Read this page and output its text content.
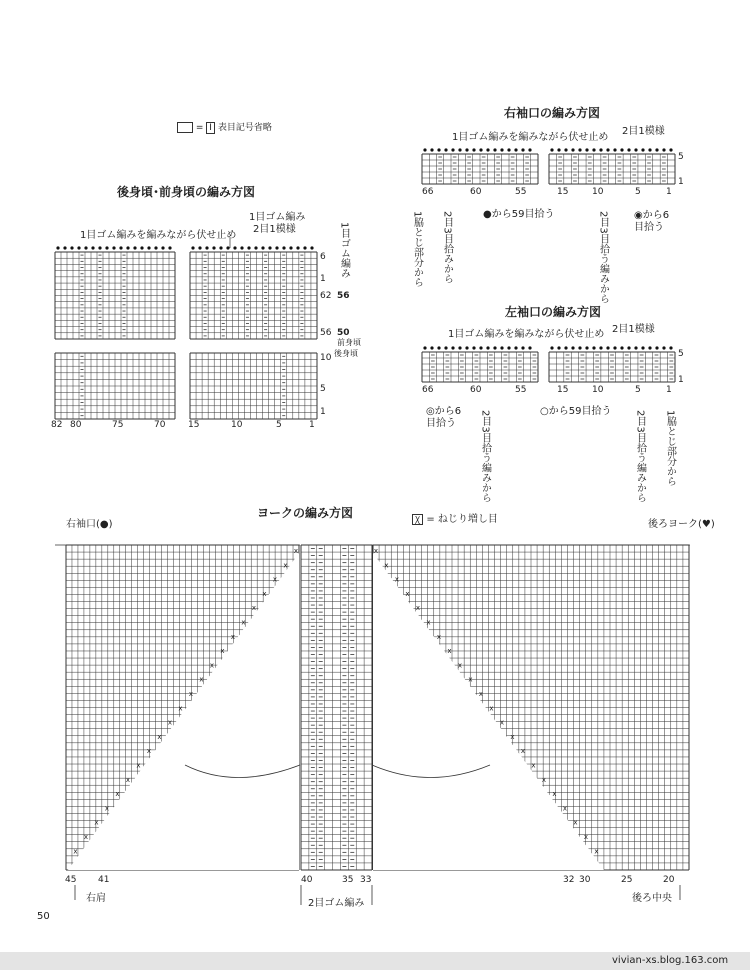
= Ⅰ 表目記号省略
後身頃･前身頃の編み方図
1目ゴム編み
2目1模様
1目ゴム編みを編みながら伏せ止め	1目ゴム編み
6
1
62 56
56 50
前身頃
後身頃
10
5
1
82 80	75	70	15	10	5	1
右袖口の編み方図
1目ゴム編みを編みながら伏せ止め
2目1模様
5
1
66	60	55	15	10	5	1
1脇とじ部分から 2目3目拾みから	●から59目拾う	2目3目拾う編みから	◉から6目拾う
左袖口の編み方図
1目ゴム編みを編みながら伏せ止め 2目1模様
5
1
66	60	55	15	10	5	1
◎から6目拾う	2目3目拾う編みから	○から59目拾う 2目3目拾う編みから 1脇とじ部分から
ヨークの編み方図	Ꭓ = ねじり増し目
右袖口(●)	後ろヨーク(♥)
45 41	40	35 33	32 30	25	20
右肩	2目ゴム編み	後ろ中央
50
vivian-xs.blog.163.com
x	x
x	x
x	x
x	x
x	x
x	x
x	x
x	x
x	x
x	x
x	x
x	x
x	x
x	x
x	x
x	x
x	x
x	x
x	x
x	x
x	x
x	x
